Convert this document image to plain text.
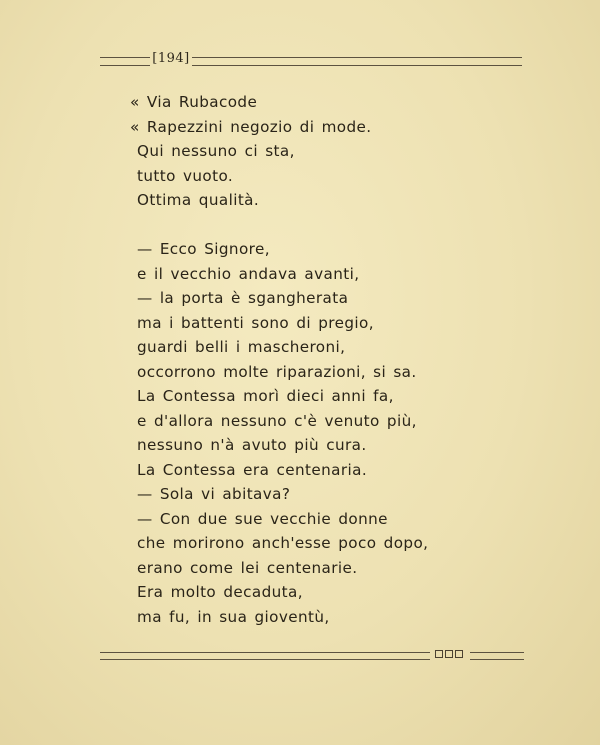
[194]
« Via Rubacode
« Rapezzini negozio di mode.
Qui nessuno ci sta,
tutto vuoto.
Ottima qualità.
— Ecco Signore,
e il vecchio andava avanti,
— la porta è sgangherata
ma i battenti sono di pregio,
guardi belli i mascheroni,
occorrono molte riparazioni, si sa.
La Contessa morì dieci anni fa,
e d'allora nessuno c'è venuto più,
nessuno n'à avuto più cura.
La Contessa era centenaria.
— Sola vi abitava?
— Con due sue vecchie donne
che morirono anch'esse poco dopo,
erano come lei centenarie.
Era molto decaduta,
ma fu, in sua gioventù,
